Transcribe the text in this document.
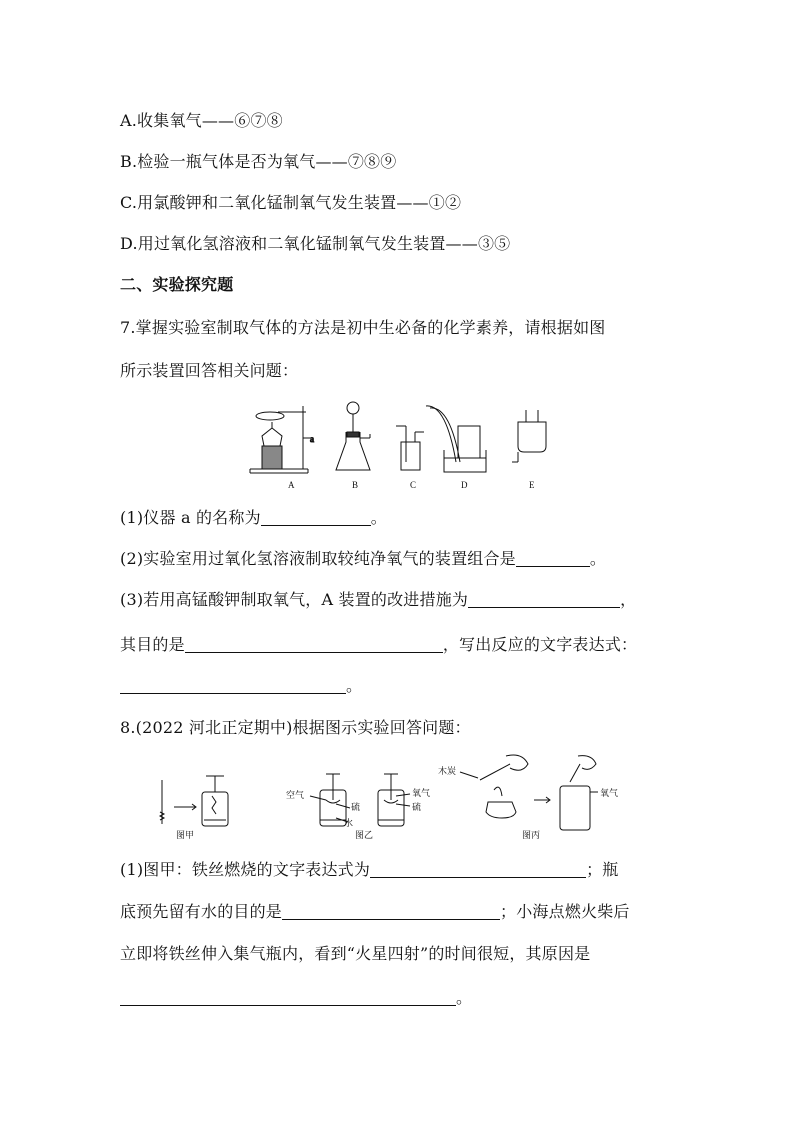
A.收集氧气——⑥⑦⑧
B.检验一瓶气体是否为氧气——⑦⑧⑨
C.用氯酸钾和二氧化锰制氧气发生装置——①②
D.用过氧化氢溶液和二氧化锰制氧气发生装置——③⑤
二、实验探究题
7.掌握实验室制取气体的方法是初中生必备的化学素养，请根据如图
所示装置回答相关问题：
a
A	B	C	D	E
(1)仪器 a 的名称为	。
(2)实验室用过氧化氢溶液制取较纯净氧气的装置组合是	。
(3)若用高锰酸钾制取氧气，A 装置的改进措施为	，
其目的是	，写出反应的文字表达式：
。
8.(2022 河北正定期中)根据图示实验回答问题：
图甲	图乙	图丙
空气
硫
水
氧气
硫
木炭
氧气
(1)图甲：铁丝燃烧的文字表达式为	；瓶
底预先留有水的目的是	；小海点燃火柴后
立即将铁丝伸入集气瓶内，看到“火星四射”的时间很短，其原因是
。
